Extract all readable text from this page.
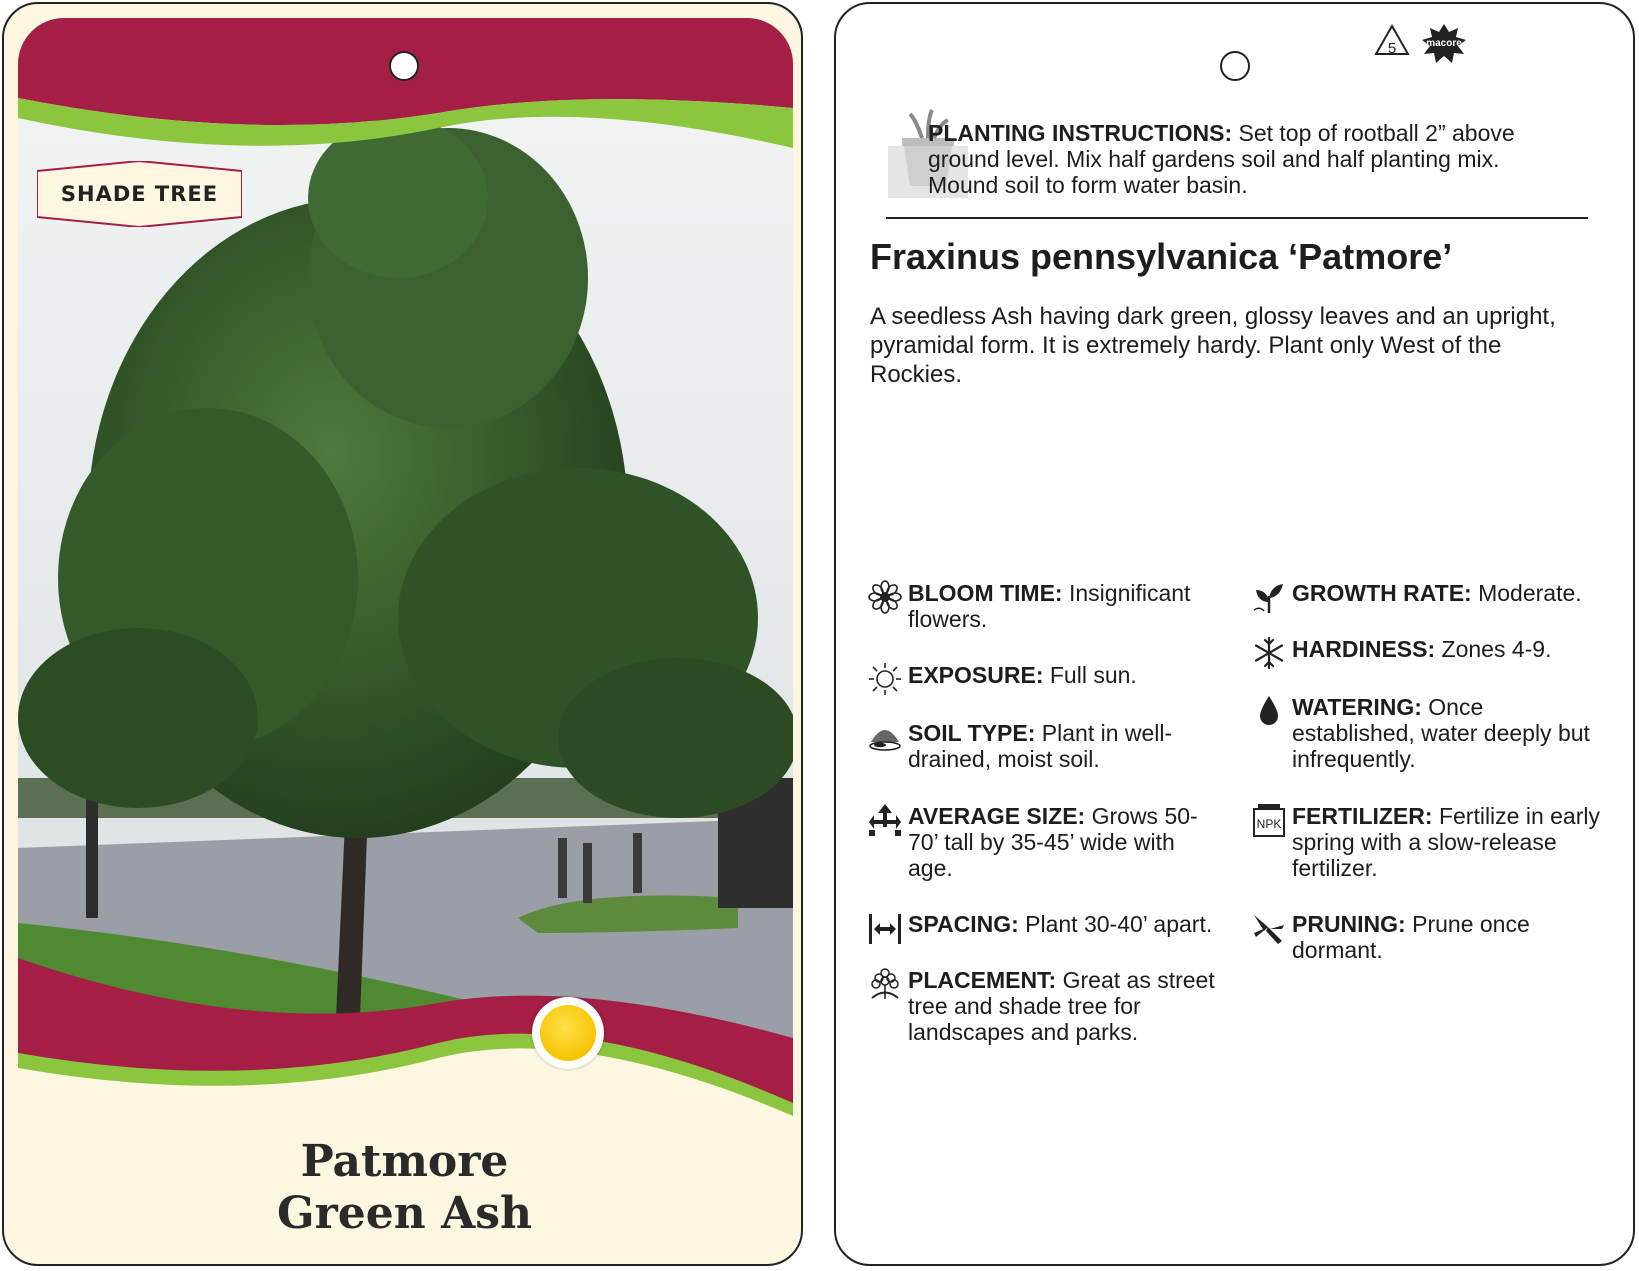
SHADE TREE
Patmore
Green Ash
5	macore
PLANTING INSTRUCTIONS: Set top of rootball 2” above ground level. Mix half gardens soil and half planting mix. Mound soil to form water basin.
Fraxinus pennsylvanica ‘Patmore’
A seedless Ash having dark green, glossy leaves and an upright, pyramidal form. It is extremely hardy. Plant only West of the Rockies.
BLOOM TIME: Insignificant flowers.
EXPOSURE: Full sun.
SOIL TYPE: Plant in well-drained, moist soil.
AVERAGE SIZE: Grows 50-70’ tall by 35-45’ wide with age.
SPACING: Plant 30-40’ apart.
PLACEMENT: Great as street tree and shade tree for landscapes and parks.
GROWTH RATE: Moderate.
HARDINESS: Zones 4-9.
WATERING: Once established, water deeply but infrequently.
NPK FERTILIZER: Fertilize in early spring with a slow-release fertilizer.
PRUNING: Prune once dormant.
